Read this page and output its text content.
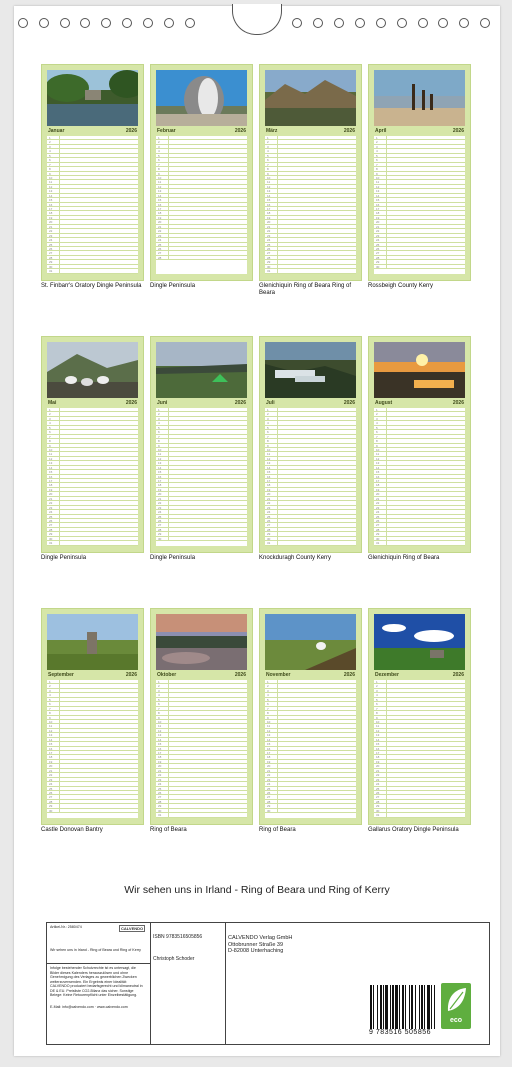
Januar	2026
1
2
3
4
5
6
7
8
9
10
11
12
13
14
15
16
17
18
19
20
21
22
23
24
25
26
27
28
29
30
31
St. Finbarr's Oratory Dingle Peninsula
Februar	2026
1
2
3
4
5
6
7
8
9
10
11
12
13
14
15
16
17
18
19
20
21
22
23
24
25
26
27
28
Dingle Peninsula
März	2026
1
2
3
4
5
6
7
8
9
10
11
12
13
14
15
16
17
18
19
20
21
22
23
24
25
26
27
28
29
30
31
Glenichiquin Ring of Beara Ring of Beara
April	2026
1
2
3
4
5
6
7
8
9
10
11
12
13
14
15
16
17
18
19
20
21
22
23
24
25
26
27
28
29
30
Rossbeigh County Kerry
Mai	2026
1
2
3
4
5
6
7
8
9
10
11
12
13
14
15
16
17
18
19
20
21
22
23
24
25
26
27
28
29
30
31
Dingle Peninsula
Juni	2026
1
2
3
4
5
6
7
8
9
10
11
12
13
14
15
16
17
18
19
20
21
22
23
24
25
26
27
28
29
30
Dingle Peninsula
Juli	2026
1
2
3
4
5
6
7
8
9
10
11
12
13
14
15
16
17
18
19
20
21
22
23
24
25
26
27
28
29
30
31
Knockduragh County Kerry
August	2026
1
2
3
4
5
6
7
8
9
10
11
12
13
14
15
16
17
18
19
20
21
22
23
24
25
26
27
28
29
30
31
Glenichiquin Ring of Beara
September	2026
1
2
3
4
5
6
7
8
9
10
11
12
13
14
15
16
17
18
19
20
21
22
23
24
25
26
27
28
29
30
Castle Donovan Bantry
Oktober	2026
1
2
3
4
5
6
7
8
9
10
11
12
13
14
15
16
17
18
19
20
21
22
23
24
25
26
27
28
29
30
31
Ring of Beara
November	2026
1
2
3
4
5
6
7
8
9
10
11
12
13
14
15
16
17
18
19
20
21
22
23
24
25
26
27
28
29
30
Ring of Beara
Dezember	2026
1
2
3
4
5
6
7
8
9
10
11
12
13
14
15
16
17
18
19
20
21
22
23
24
25
26
27
28
29
30
31
Gallarus Oratory Dingle Peninsula
Wir sehen uns in Irland - Ring of Beara und Ring of Kerry
Artikel-Nr.: 2580474	CALVENDO
Wir sehen uns in Irland - Ring of Beara und Ring of Kerry
Infolge bestehender Schutzrechte ist es untersagt, die Bilder dieses Kalenders herauszulösen und ohne Genehmigung des Verlages zu gewerblichen Zwecken weiterzuverwenden. Ein Ergebnis einer Idealität: CALVENDO produziert bedarfsgerecht und klimaneutral in DE & EU. Preisliste CO2-Bilanz das sicher. Sonstige Belege: Keine Retourenpflicht unter Einzelbestätigung.
E-Mail: info@calvendo.com · www.calvendo.com
ISBN 9783516505856
Christoph Schoder
CALVENDO Verlag GmbH
Ottobrunner Straße 39
D-82008 Unterhaching
9 783516 505856
eco
